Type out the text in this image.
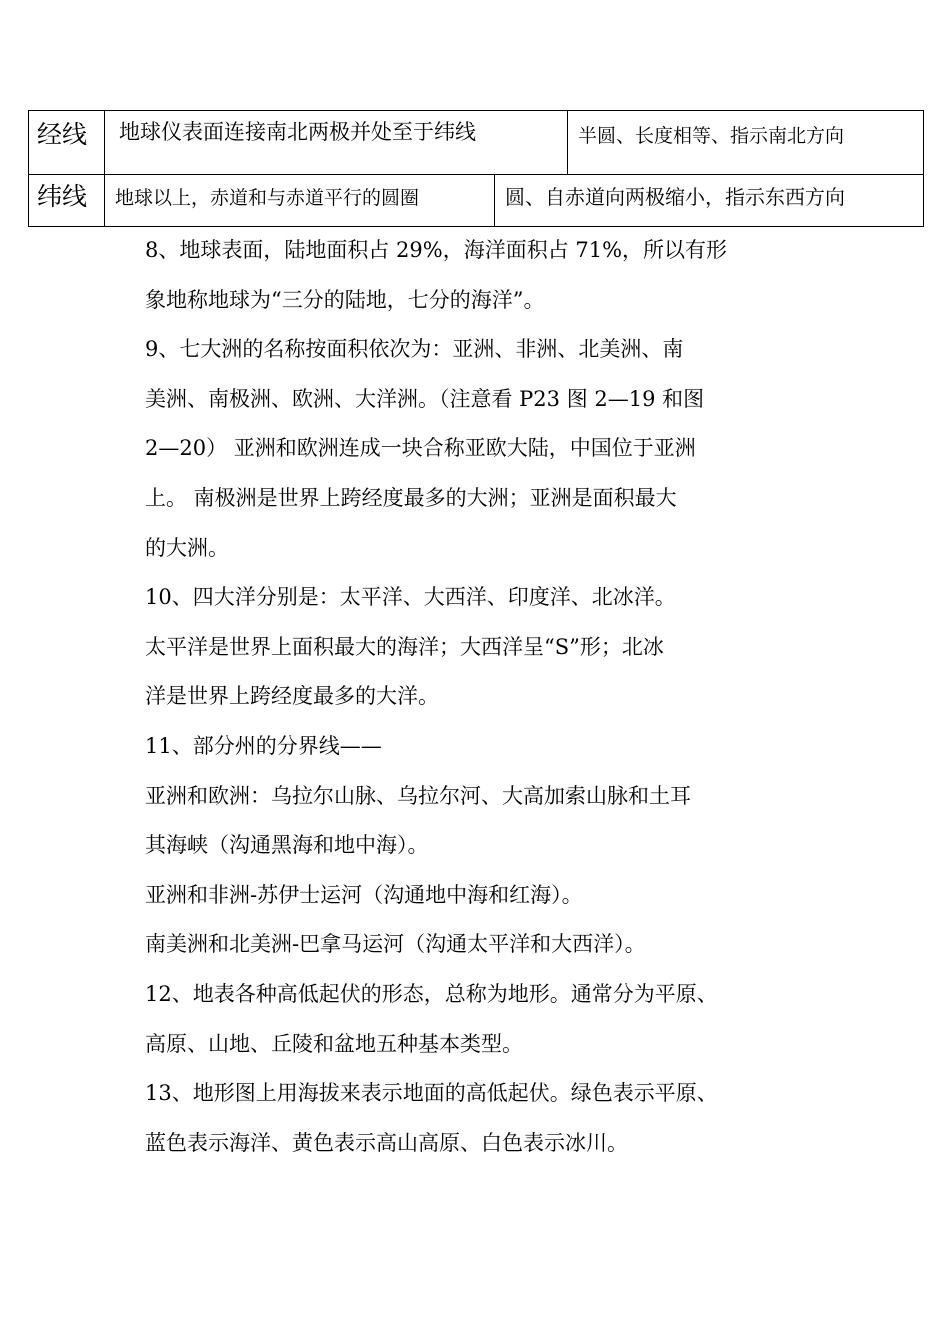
经线	地球仪表面连接南北两极并处至于纬线	半圆、长度相等、指示南北方向
纬线	地球以上，赤道和与赤道平行的圆圈	圆、自赤道向两极缩小，指示东西方向
8、地球表面，陆地面积占 29%，海洋面积占 71%，所以有形
象地称地球为“三分的陆地，七分的海洋”。
9、七大洲的名称按面积依次为：亚洲、非洲、北美洲、南
美洲、南极洲、欧洲、大洋洲。（注意看 P23 图 2—19 和图
2—20） 亚洲和欧洲连成一块合称亚欧大陆，中国位于亚洲
上。 南极洲是世界上跨经度最多的大洲；亚洲是面积最大
的大洲。
10、四大洋分别是：太平洋、大西洋、印度洋、北冰洋。
太平洋是世界上面积最大的海洋；大西洋呈“S”形；北冰
洋是世界上跨经度最多的大洋。
11、部分州的分界线——
亚洲和欧洲：乌拉尔山脉、乌拉尔河、大高加索山脉和土耳
其海峡（沟通黑海和地中海）。
亚洲和非洲-苏伊士运河（沟通地中海和红海）。
南美洲和北美洲-巴拿马运河（沟通太平洋和大西洋）。
12、地表各种高低起伏的形态，总称为地形。通常分为平原、
高原、山地、丘陵和盆地五种基本类型。
13、地形图上用海拔来表示地面的高低起伏。绿色表示平原、
蓝色表示海洋、黄色表示高山高原、白色表示冰川。
